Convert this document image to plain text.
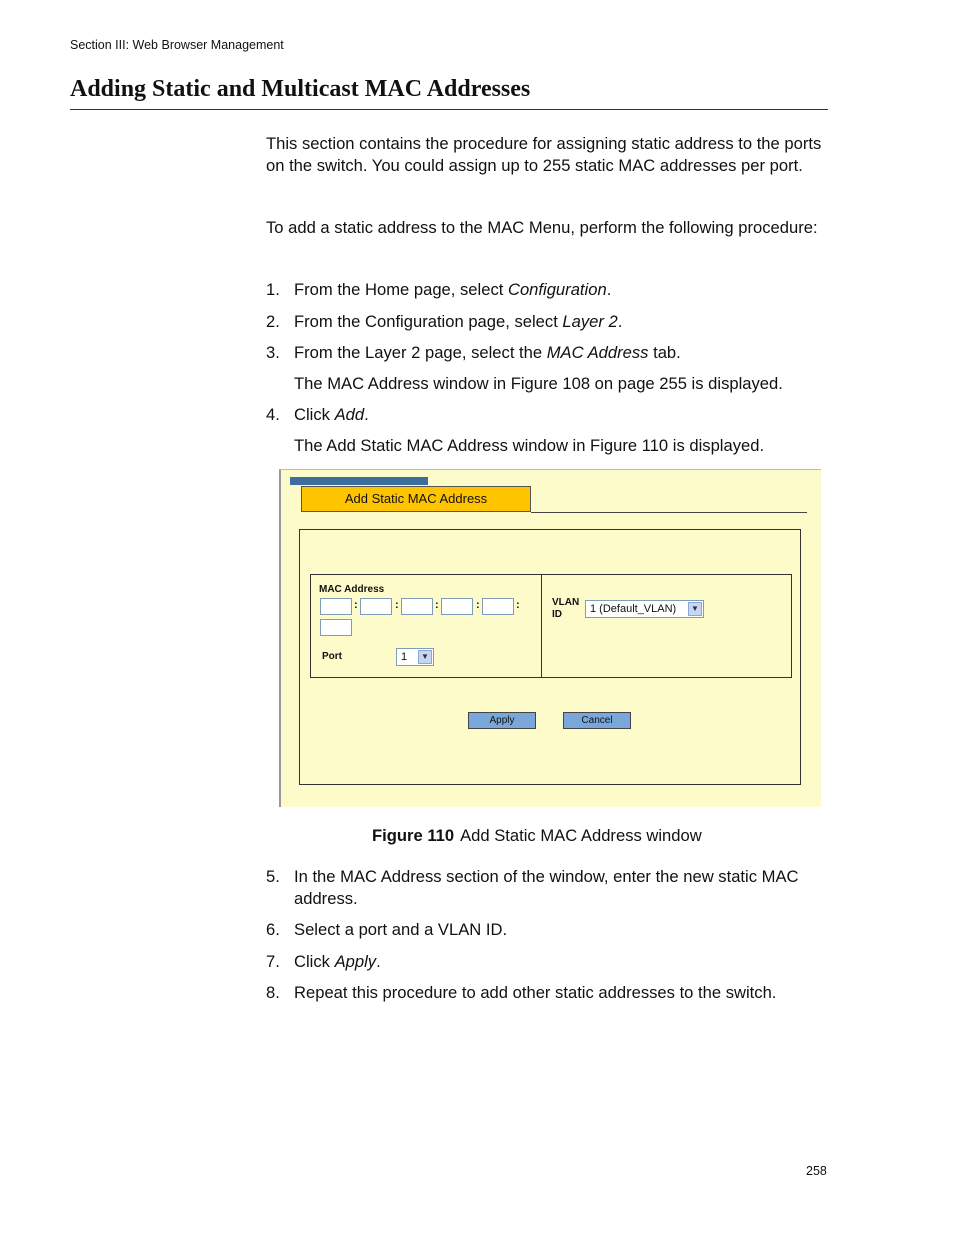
Section III: Web Browser Management
Adding Static and Multicast MAC Addresses

This section contains the procedure for assigning static address to the ports on the switch. You could assign up to 255 static MAC addresses per port.

To add a static address to the MAC Menu, perform the following procedure:

1. From the Home page, select Configuration.
2. From the Configuration page, select Layer 2.
3. From the Layer 2 page, select the MAC Address tab.
The MAC Address window in Figure 108 on page 255 is displayed.
4. Click Add.
The Add Static MAC Address window in Figure 110 is displayed.
Add Static MAC Address
MAC Address
:	:	:	:	:
Port	1	▼
VLAN
ID	1 (Default_VLAN)	▼
Apply	Cancel
Figure 110 Add Static MAC Address window
5. In the MAC Address section of the window, enter the new static MAC address.
6. Select a port and a VLAN ID.
7. Click Apply.
8. Repeat this procedure to add other static addresses to the switch.
258
